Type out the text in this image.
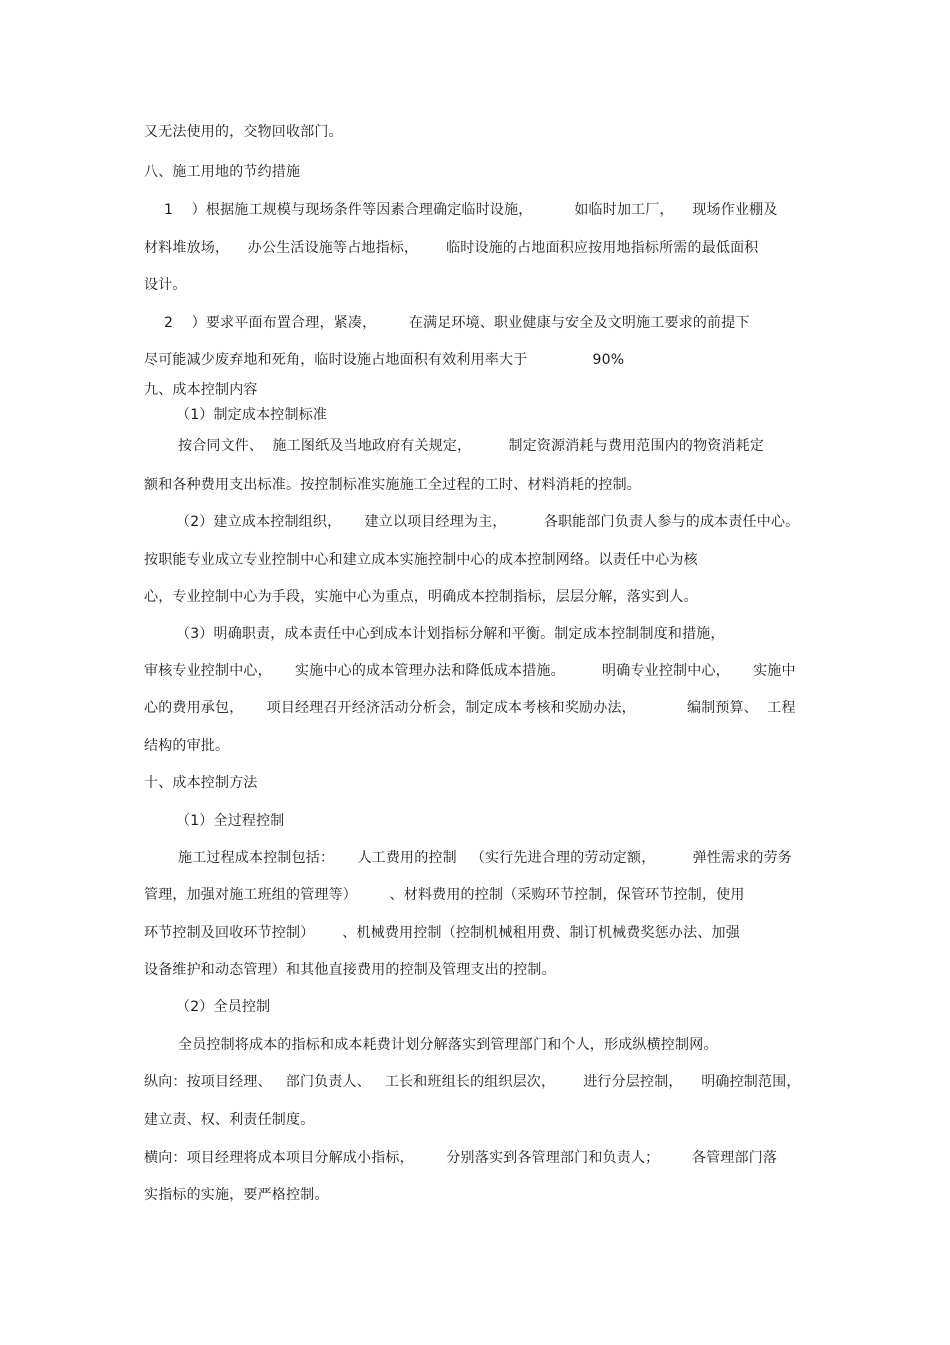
又无法使用的，交物回收部门。
八、施工用地的节约措施
1    ）根据施工规模与现场条件等因素合理确定临时设施，         如临时加工厂，    现场作业棚及
材料堆放场，    办公生活设施等占地指标，      临时设施的占地面积应按用地指标所需的最低面积
设计。
2    ）要求平面布置合理，紧凑，       在满足环境、职业健康与安全及文明施工要求的前提下
尽可能减少废弃地和死角，临时设施占地面积有效利用率大于              90%
九、成本控制内容
（1）制定成本控制标准
按合同文件、  施工图纸及当地政府有关规定，        制定资源消耗与费用范围内的物资消耗定
额和各种费用支出标准。按控制标准实施施工全过程的工时、材料消耗的控制。
（2）建立成本控制组织，     建立以项目经理为主，        各职能部门负责人参与的成本责任中心。
按职能专业成立专业控制中心和建立成本实施控制中心的成本控制网络。以责任中心为核
心，专业控制中心为手段，实施中心为重点，明确成本控制指标，层层分解，落实到人。
（3）明确职责，成本责任中心到成本计划指标分解和平衡。制定成本控制制度和措施，
审核专业控制中心，     实施中心的成本管理办法和降低成本措施。        明确专业控制中心，     实施中
心的费用承包，     项目经理召开经济活动分析会，制定成本考核和奖励办法，           编制预算、  工程
结构的审批。
十、成本控制方法
（1）全过程控制
施工过程成本控制包括：     人工费用的控制   （实行先进合理的劳动定额，        弹性需求的劳务
管理，加强对施工班组的管理等）       、材料费用的控制（采购环节控制，保管环节控制，使用
环节控制及回收环节控制）      、机械费用控制（控制机械租用费、制订机械费奖惩办法、加强
设备维护和动态管理）和其他直接费用的控制及管理支出的控制。
（2）全员控制
全员控制将成本的指标和成本耗费计划分解落实到管理部门和个人，形成纵横控制网。
纵向：按项目经理、   部门负责人、   工长和班组长的组织层次，      进行分层控制，    明确控制范围，
建立责、权、利责任制度。
横向：项目经理将成本项目分解成小指标，       分别落实到各管理部门和负责人；       各管理部门落
实指标的实施，要严格控制。
